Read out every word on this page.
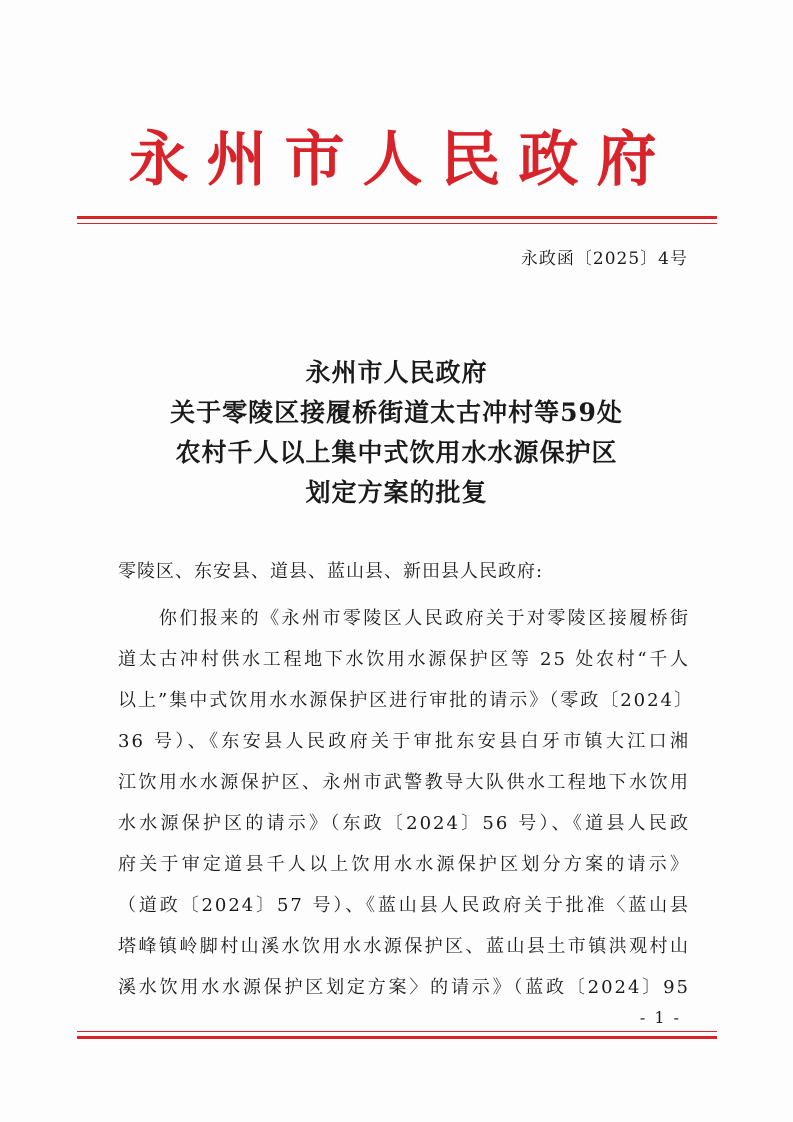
永州市人民政府
永政函〔2025〕4号

永州市人民政府

关于零陵区接履桥街道太古冲村等59处

农村千人以上集中式饮用水水源保护区

划定方案的批复

零陵区、东安县、道县、蓝山县、新田县人民政府:
　　你们报来的《永州市零陵区人民政府关于对零陵区接履桥街
道太古冲村供水工程地下水饮用水源保护区等 25 处农村“千人
以上”集中式饮用水水源保护区进行审批的请示》（零政〔2024〕
36 号）、《东安县人民政府关于审批东安县白牙市镇大江口湘
江饮用水水源保护区、永州市武警教导大队供水工程地下水饮用
水水源保护区的请示》（东政〔2024〕56 号）、《道县人民政
府关于审定道县千人以上饮用水水源保护区划分方案的请示》
（道政〔2024〕57 号）、《蓝山县人民政府关于批准〈蓝山县
塔峰镇岭脚村山溪水饮用水水源保护区、蓝山县土市镇洪观村山
溪水饮用水水源保护区划定方案〉的请示》（蓝政〔2024〕95
- 1 -
